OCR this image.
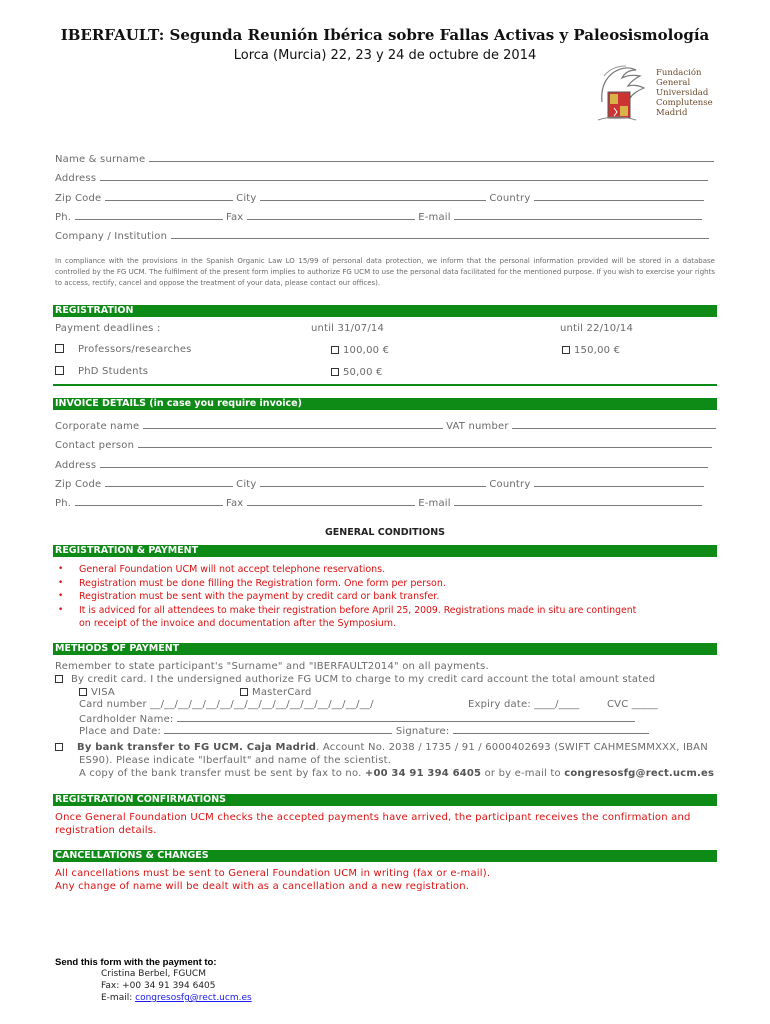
IBERFAULT: Segunda Reunión Ibérica sobre Fallas Activas y Paleosismología
Lorca (Murcia) 22, 23 y 24 de octubre de 2014
Fundación
General
Universidad
Complutense
Madrid
Name & surname
Address
Zip Code	City	Country
Ph.	Fax	E-mail
Company / Institution
In compliance with the provisions in the Spanish Organic Law LO 15/99 of personal data protection, we inform that the personal information provided will be stored in a database controlled by the FG UCM. The fulfilment of the present form implies to authorize FG UCM to use the personal data facilitated for the mentioned purpose. If you wish to exercise your rights to access, rectify, cancel and oppose the treatment of your data, please contact our offices).
REGISTRATION
Payment deadlines :	until 31/07/14	until 22/10/14
Professors/researches	100,00 €	150,00 €
PhD Students	50,00 €
INVOICE DETAILS (in case you require invoice)
Corporate name	VAT number
Contact person
Address
Zip Code	City	Country
Ph.	Fax	E-mail
GENERAL CONDITIONS
REGISTRATION & PAYMENT
• General Foundation UCM will not accept telephone reservations.
• Registration must be done filling the Registration form. One form per person.
• Registration must be sent with the payment by credit card or bank transfer.
• It is adviced for all attendees to make their registration before April 25, 2009. Registrations made in situ are contingent
on receipt of the invoice and documentation after the Symposium.
METHODS OF PAYMENT
Remember to state participant's "Surname" and "IBERFAULT2014" on all payments.
By credit card. I the undersigned authorize FG UCM to charge to my credit card account the total amount stated
VISA	MasterCard
Card number __/__/__/__/__/__/__/__/__/__/__/__/__/__/__/__/	Expiry date: ____/____	CVC _____
Cardholder Name:
Place and Date:	Signature:
By bank transfer to FG UCM. Caja Madrid. Account No. 2038 / 1735 / 91 / 6000402693 (SWIFT CAHMESMMXXX, IBAN
ES90). Please indicate "Iberfault" and name of the scientist.
A copy of the bank transfer must be sent by fax to no. +00 34 91 394 6405 or by e-mail to congresosfg@rect.ucm.es
REGISTRATION CONFIRMATIONS
Once General Foundation UCM checks the accepted payments have arrived, the participant receives the confirmation and
registration details.
CANCELLATIONS & CHANGES
All cancellations must be sent to General Foundation UCM in writing (fax or e-mail).
Any change of name will be dealt with as a cancellation and a new registration.
Send this form with the payment to:
Cristina Berbel, FGUCM
Fax: +00 34 91 394 6405
E-mail: congresosfg@rect.ucm.es
